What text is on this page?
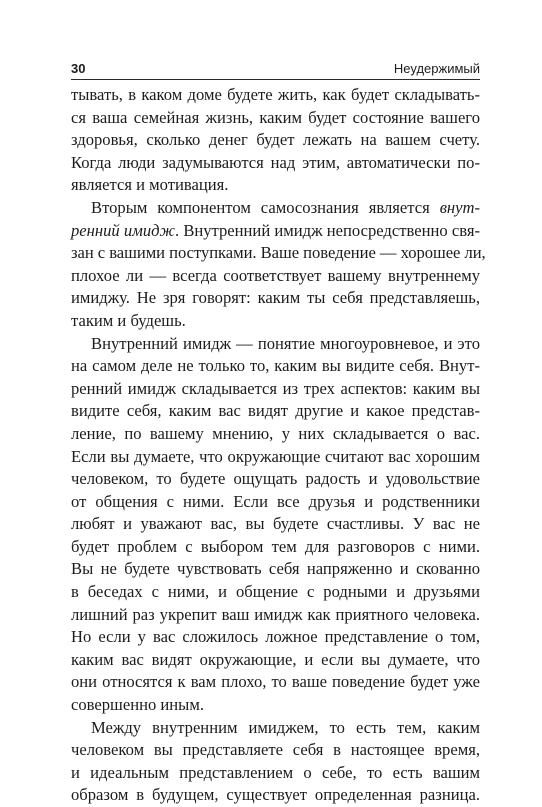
30	Неудержимый
тывать, в каком доме будете жить, как будет складывать-
ся ваша семейная жизнь, каким будет состояние вашего
здоровья, сколько денег будет лежать на вашем счету.
Когда люди задумываются над этим, автоматически по-
является и мотивация.
Вторым компонентом самосознания является внут-
ренний имидж. Внутренний имидж непосредственно свя-
зан с вашими поступками. Ваше поведение — хорошее ли,
плохое ли — всегда соответствует вашему внутреннему
имиджу. Не зря говорят: каким ты себя представляешь,
таким и будешь.
Внутренний имидж — понятие многоуровневое, и это
на самом деле не только то, каким вы видите себя. Внут-
ренний имидж складывается из трех аспектов: каким вы
видите себя, каким вас видят другие и какое представ-
ление, по вашему мнению, у них складывается о вас.
Если вы думаете, что окружающие считают вас хорошим
человеком, то будете ощущать радость и удовольствие
от общения с ними. Если все друзья и родственники
любят и уважают вас, вы будете счастливы. У вас не
будет проблем с выбором тем для разговоров с ними.
Вы не будете чувствовать себя напряженно и скованно
в беседах с ними, и общение с родными и друзьями
лишний раз укрепит ваш имидж как приятного человека.
Но если у вас сложилось ложное представление о том,
каким вас видят окружающие, и если вы думаете, что
они относятся к вам плохо, то ваше поведение будет уже
совершенно иным.
Между внутренним имиджем, то есть тем, каким
человеком вы представляете себя в настоящее время,
и идеальным представлением о себе, то есть вашим
образом в будущем, существует определенная разница.
